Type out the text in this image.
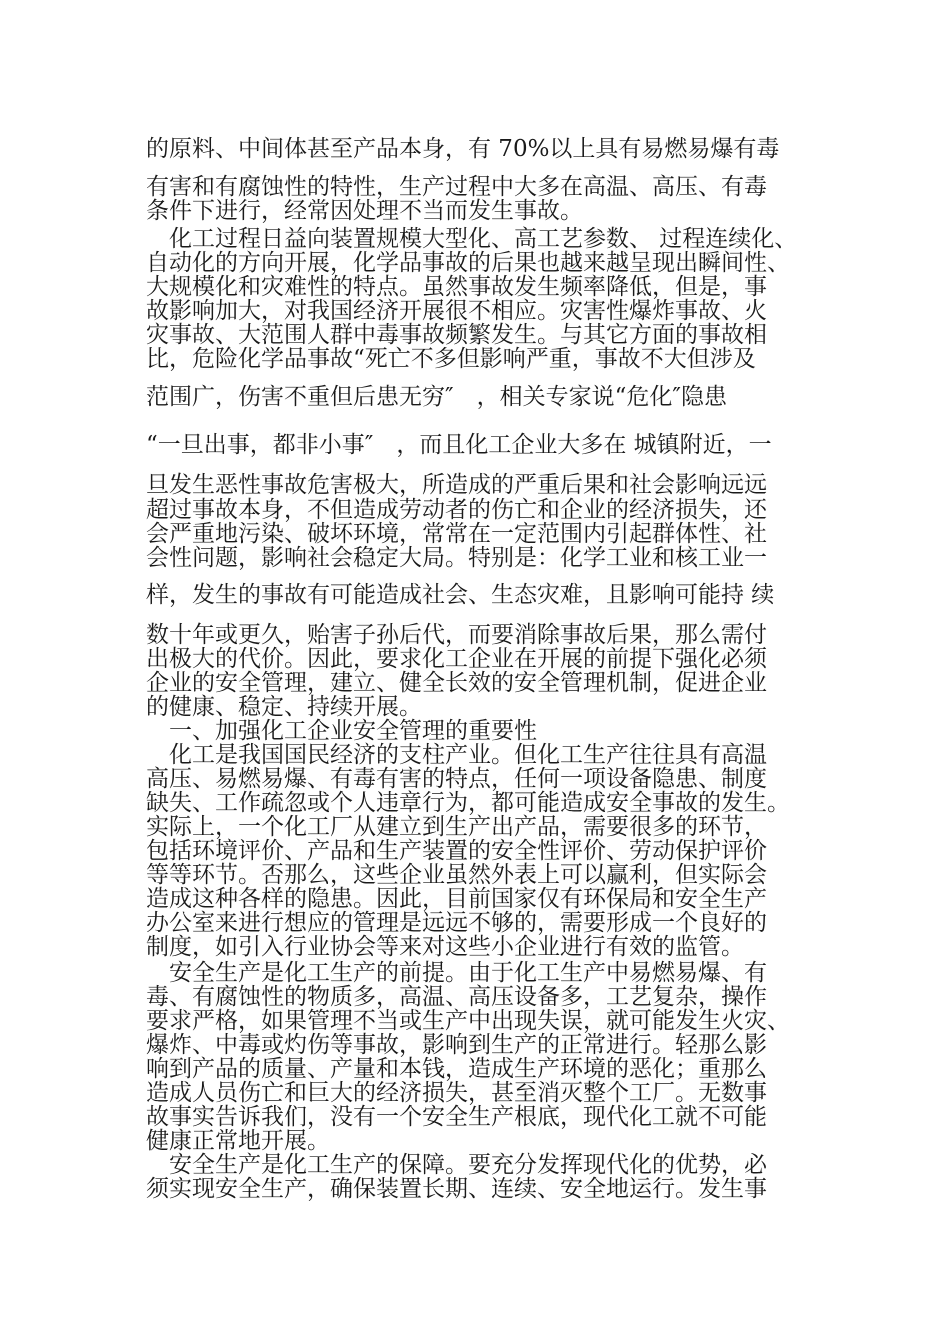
的原料、中间体甚至产品本身，有 70%以上具有易燃易爆有毒
有害和有腐蚀性的特性，生产过程中大多在高温、高压、有毒
条件下进行，经常因处理不当而发生事故。
　化工过程日益向装置规模大型化、高工艺参数、 过程连续化、
自动化的方向开展，化学品事故的后果也越来越呈现出瞬间性、
大规模化和灾难性的特点。虽然事故发生频率降低，但是，事
故影响加大，对我国经济开展很不相应。灾害性爆炸事故、火
灾事故、大范围人群中毒事故频繁发生。与其它方面的事故相
比，危险化学品事故“死亡不多但影响严重，事故不大但涉及
范围广，伤害不重但后患无穷″　，相关专家说“危化″隐患
“一旦出事，都非小事″　，而且化工企业大多在 城镇附近，一
旦发生恶性事故危害极大，所造成的严重后果和社会影响远远
超过事故本身，不但造成劳动者的伤亡和企业的经济损失，还
会严重地污染、破坏环境，常常在一定范围内引起群体性、社
会性问题，影响社会稳定大局。特别是：化学工业和核工业一
样，发生的事故有可能造成社会、生态灾难，且影响可能持 续
数十年或更久，贻害子孙后代，而要消除事故后果，那么需付
出极大的代价。因此，要求化工企业在开展的前提下强化必须
企业的安全管理，建立、健全长效的安全管理机制，促进企业
的健康、稳定、持续开展。
　一、加强化工企业安全管理的重要性
　化工是我国国民经济的支柱产业。但化工生产往往具有高温
高压、易燃易爆、有毒有害的特点，任何一项设备隐患、制度
缺失、工作疏忽或个人违章行为，都可能造成安全事故的发生。
实际上，一个化工厂从建立到生产出产品，需要很多的环节，
包括环境评价、产品和生产装置的安全性评价、劳动保护评价
等等环节。否那么，这些企业虽然外表上可以赢利，但实际会
造成这种各样的隐患。因此，目前国家仅有环保局和安全生产
办公室来进行想应的管理是远远不够的，需要形成一个良好的
制度，如引入行业协会等来对这些小企业进行有效的监管。
　安全生产是化工生产的前提。由于化工生产中易燃易爆、有
毒、有腐蚀性的物质多，高温、高压设备多，工艺复杂，操作
要求严格，如果管理不当或生产中出现失误，就可能发生火灾、
爆炸、中毒或灼伤等事故，影响到生产的正常进行。轻那么影
响到产品的质量、产量和本钱，造成生产环境的恶化；重那么
造成人员伤亡和巨大的经济损失，甚至消灭整个工厂。无数事
故事实告诉我们，没有一个安全生产根底，现代化工就不可能
健康正常地开展。
　安全生产是化工生产的保障。要充分发挥现代化的优势，必
须实现安全生产，确保装置长期、连续、安全地运行。发生事
